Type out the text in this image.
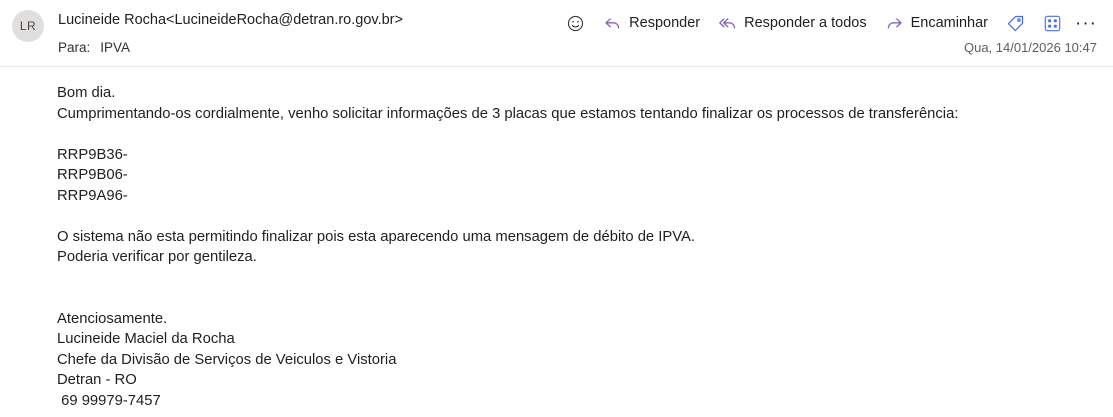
LR	Lucineide Rocha<LucineideRocha@detran.ro.gov.br>
Para: IPVA
Responder	Responder a todos	Encaminhar	···
Qua, 14/01/2026 10:47
Bom dia.
Cumprimentando-os cordialmente, venho solicitar informações de 3 placas que estamos tentando finalizar os processos de transferência:
RRP9B36-
RRP9B06-
RRP9A96-
O sistema não esta permitindo finalizar pois esta aparecendo uma mensagem de débito de IPVA.
Poderia verificar por gentileza.
Atenciosamente.
Lucineide Maciel da Rocha
Chefe da Divisão de Serviços de Veiculos e Vistoria
Detran - RO
69 99979-7457
